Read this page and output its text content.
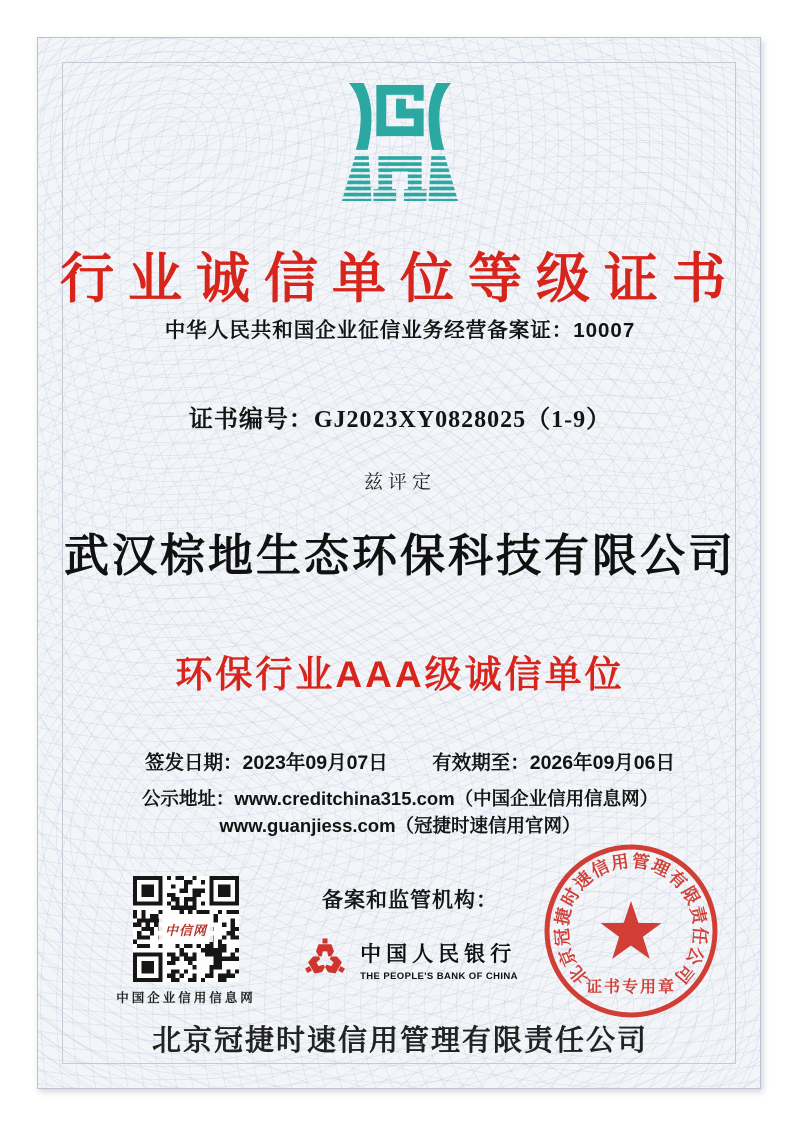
行业诚信单位等级证书
中华人民共和国企业征信业务经营备案证：10007
证书编号：GJ2023XY0828025（1-9）
兹评定
武汉棕地生态环保科技有限公司
环保行业AAA级诚信单位
签发日期：2023年09月07日 有效期至：2026年09月06日
公示地址：www.creditchina315.com（中国企业信用信息网）
www.guanjiess.com（冠捷时速信用官网）
中信网
中国企业信用信息网
备案和监管机构：
中国人民银行
THE PEOPLE'S BANK OF CHINA	北京冠捷时速信用管理有限责任公司
证书专用章
北京冠捷时速信用管理有限责任公司
